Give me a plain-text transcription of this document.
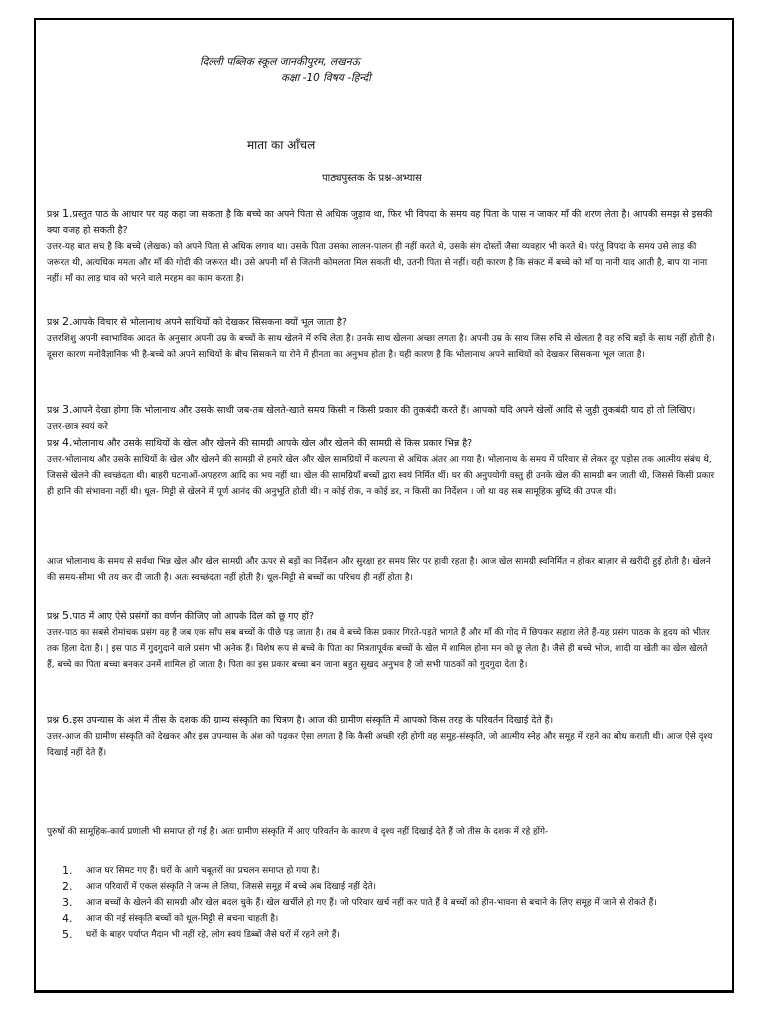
दिल्ली पब्लिक स्कूल जानकीपुरम, लखनऊ
कक्षा -10 विषय -हिन्दी
माता का आँचल
पाठ्यपुस्तक के प्रश्न-अभ्यास

प्रश्न 1.प्रस्तुत पाठ के आधार पर यह कहा जा सकता है कि बच्चे का अपने पिता से अधिक जुड़ाव था, फिर भी विपदा के समय वह पिता के पास न जाकर माँ की शरण लेता है। आपकी समझ से इसकी क्या वजह हो सकती है?

उत्तर-यह बात सच है कि बच्चे (लेखक) को अपने पिता से अधिक लगाव था। उसके पिता उसका लालन-पालन ही नहीं करते थे, उसके संग दोस्तों जैसा व्यवहार भी करते थे। परंतु विपदा के समय उसे लाड़ की जरूरत थी, अत्यधिक ममता और माँ की गोदी की जरूरत थी। उसे अपनी माँ से जितनी कोमलता मिल सकती थी, उतनी पिता से नहीं। यही कारण है कि संकट में बच्चे को माँ या नानी याद आती है, बाप या नाना नहीं। माँ का लाड़ घाव को भरने वाले मरहम का काम करता है।

प्रश्न 2.आपके विचार से भोलानाथ अपने साथियों को देखकर सिसकना क्यों भूल जाता है?

उत्तरशिशु अपनी स्वाभाविक आदत के अनुसार अपनी उम्र के बच्चों के साथ खेलने में रुचि लेता है। उनके साथ खेलना अच्छा लगता है। अपनी उम्र के साथ जिस रुचि से खेलता है वह रुचि बड़ों के साथ नहीं होती है। दूसरा कारण मनोवैज्ञानिक भी है-बच्चे को अपने साथियों के बीच सिसकने या रोने में हीनता का अनुभव होता है। यही कारण है कि भोलानाथ अपने साथियों को देखकर सिसकना भूल जाता है।

प्रश्न 3.आपने देखा होगा कि भोलानाथ और उसके साथी जब-तब खेलते-खाते समय किसी न किसी प्रकार की तुकबंदी करते हैं। आपको यदि अपने खेलों आदि से जुड़ी तुकबंदी याद हो तो लिखिए।

उत्तर-छात्र स्वयं करे

प्रश्न 4.भोलानाथ और उसके साथियों के खेल और खेलने की सामग्री आपके खेल और खेलने की सामग्री से किस प्रकार भिन्न है?

उत्तर-भोलानाथ और उसके साथियों के खेल और खेलने की सामग्री से हमारे खेल और खेल सामग्रियों में कल्पना से अधिक अंतर आ गया है। भोलानाथ के समय में परिवार से लेकर दूर पड़ोस तक आत्मीय संबंध थे, जिससे खेलने की स्वच्छंदता थी। बाहरी घटनाओं-अपहरण आदि का भय नहीं था। खेल की सामग्रियाँ बच्चों द्वारा स्वयं निर्मित थीं। घर की अनुपयोगी वस्तु ही उनके खेल की सामग्री बन जाती थी, जिससे किसी प्रकार ही हानि की संभावना नहीं थी। धूल- मिट्टी से खेलने में पूर्ण आनंद की अनुभूति होती थी। न कोई रोक, न कोई डर, न किसी का निर्देशन । जो था वह सब सामूहिक बुध्दि की उपज थी।

आज भोलानाथ के समय से सर्वथा भिन्न खेल और खेल सामग्री और ऊपर से बड़ों का निर्देशन और सुरक्षा हर समय सिर पर हावी रहता है। आज खेल सामग्री स्वनिर्मित न होकर बाज़ार से खरीदी हुई होती है। खेलने की समय-सीमा भी तय कर दी जाती है। अतः स्वच्छंदता नहीं होती है। धूल-मिट्टी से बच्चों का परिचय ही नहीं होता है।

प्रश्न 5.पाठ में आए ऐसे प्रसंगों का वर्णन कीजिए जो आपके दिल को छू गए हों?

उत्तर-पाठ का सबसे रोमांचक प्रसंग वह है जब एक साँप सब बच्चों के पीछे पड़ जाता है। तब वे बच्चे किस प्रकार गिरते-पड़ते भागते हैं और माँ की गोद में छिपकर सहारा लेते हैं-यह प्रसंग पाठक के हृदय को भीतर तक हिला देता है। | इस पाठ में गुदगुदाने वाले प्रसंग भी अनेक हैं। विशेष रूप से बच्चे के पिता का मित्रतापूर्वक बच्चों के खेल में शामिल होना मन को छू लेता है। जैसे ही बच्चे भोज, शादी या खेती का खेल खेलते हैं, बच्चे का पिता बच्चा बनकर उनमें शामिल हो जाता है। पिता का इस प्रकार बच्चा बन जाना बहुत सुखद अनुभव है जो सभी पाठकों को गुदगुदा देता है।

प्रश्न 6.इस उपन्यास के अंश में तीस के दशक की ग्राम्य संस्कृति का चित्रण है। आज की ग्रामीण संस्कृति में आपको किस तरह के परिवर्तन दिखाई देते हैं।

उत्तर-आज की ग्रामीण संस्कृति को देखकर और इस उपन्यास के अंश को पढ़कर ऐसा लगता है कि कैसी अच्छी रही होगी वह समूह-संस्कृति, जो आत्मीय स्नेह और समूह में रहने का बोध कराती थी। आज ऐसे दृश्य दिखाई नहीं देते हैं।

पुरुषों की सामूहिक-कार्य प्रणाली भी समाप्त हो गई है। अतः ग्रामीण संस्कृति में आए परिवर्तन के कारण वे दृश्य नहीं दिखाई देते हैं जो तीस के दशक में रहे होंगे-
1.	आज घर सिमट गए हैं। घरों के आगे चबूतरों का प्रचलन समाप्त हो गया है।
2.	आज परिवारों में एकल संस्कृति ने जन्म ले लिया, जिससे समूह में बच्चे अब दिखाई नहीं देते।
3.	आज बच्चों के खेलने की सामग्री और खेल बदल चुके हैं। खेल खर्चीले हो गए हैं। जो परिवार खर्च नहीं कर पाते हैं वे बच्चों को हीन-भावना से बचाने के लिए समूह में जाने से रोकते हैं।
4.	आज की नई संस्कृति बच्चों को धूल-मिट्टी से बचना चाहती है।
5.	घरों के बाहर पर्याप्त मैदान भी नहीं रहे, लोग स्वयं डिब्बों जैसे घरों में रहने लगे हैं।
